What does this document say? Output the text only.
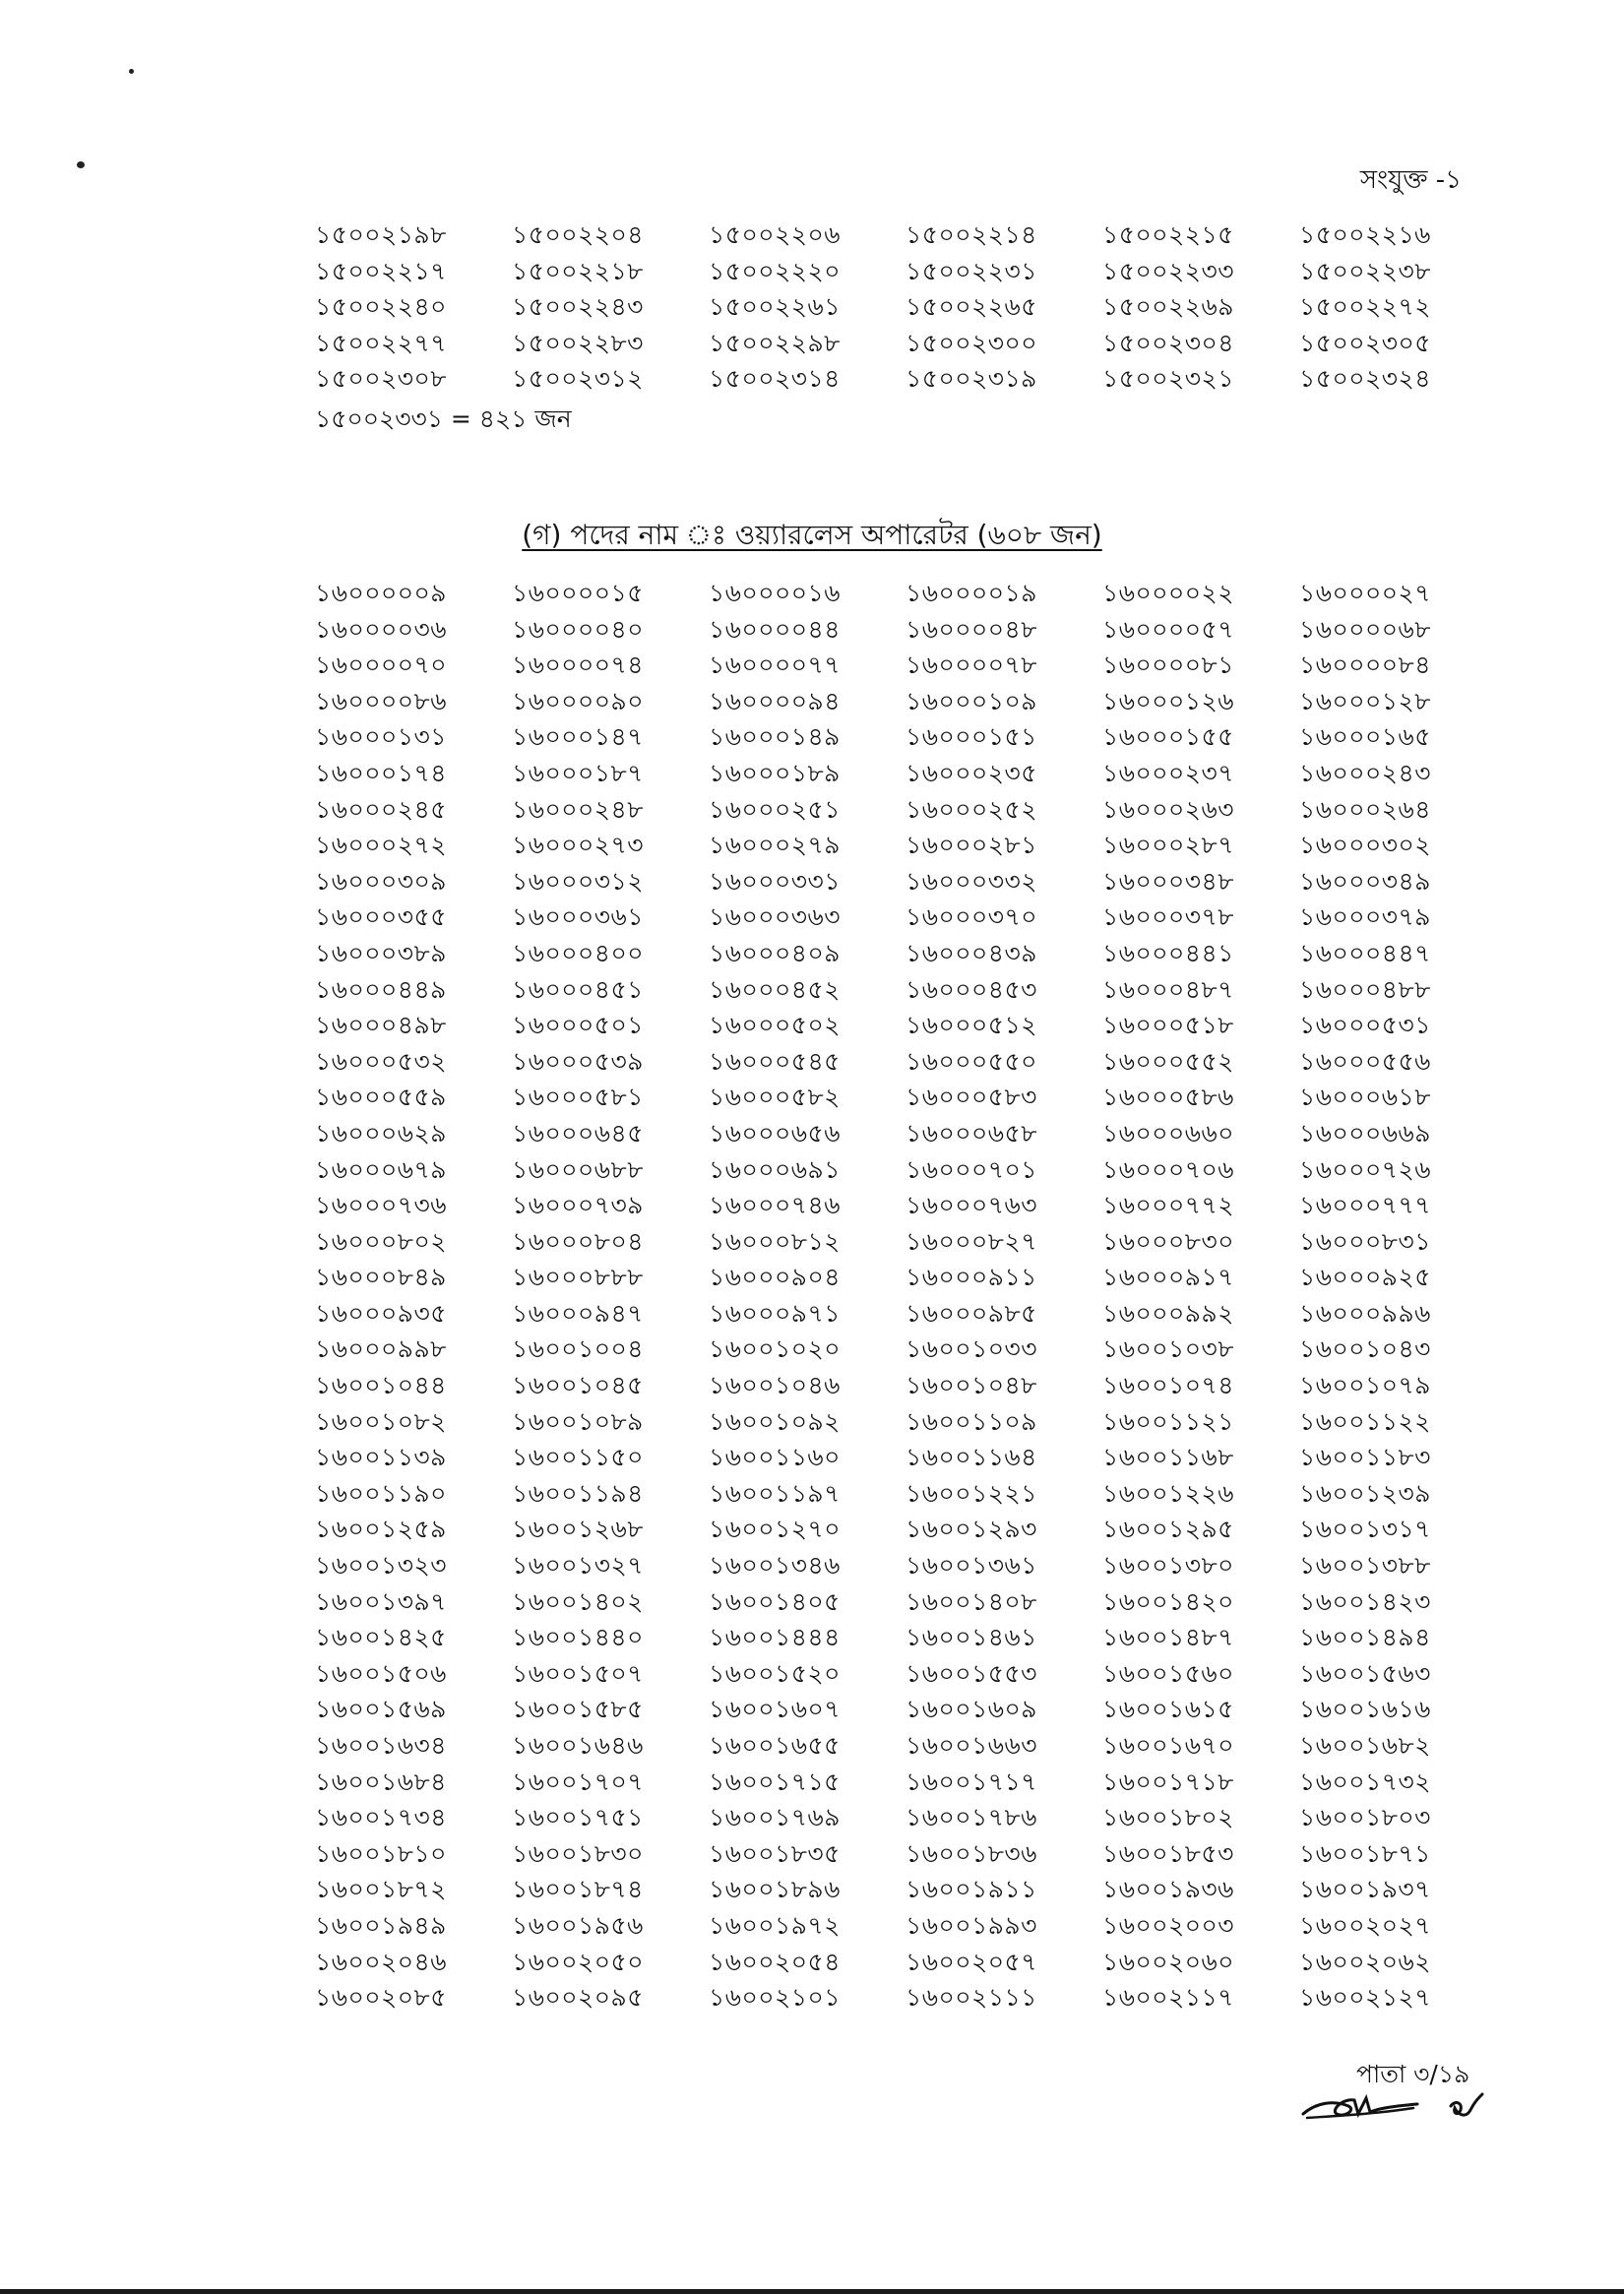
সংযুক্ত -১
১৫০০২১৯৮	১৫০০২২০৪	১৫০০২২০৬	১৫০০২২১৪	১৫০০২২১৫	১৫০০২২১৬
১৫০০২২১৭	১৫০০২২১৮	১৫০০২২২০	১৫০০২২৩১	১৫০০২২৩৩	১৫০০২২৩৮
১৫০০২২৪০	১৫০০২২৪৩	১৫০০২২৬১	১৫০০২২৬৫	১৫০০২২৬৯	১৫০০২২৭২
১৫০০২২৭৭	১৫০০২২৮৩	১৫০০২২৯৮	১৫০০২৩০০	১৫০০২৩০৪	১৫০০২৩০৫
১৫০০২৩০৮	১৫০০২৩১২	১৫০০২৩১৪	১৫০০২৩১৯	১৫০০২৩২১	১৫০০২৩২৪
১৫০০২৩৩১ = ৪২১ জন
(গ) পদের নাম ঃ ওয়্যারলেস অপারেটর (৬০৮ জন)
১৬০০০০০৯	১৬০০০০১৫	১৬০০০০১৬	১৬০০০০১৯	১৬০০০০২২	১৬০০০০২৭
১৬০০০০৩৬	১৬০০০০৪০	১৬০০০০৪৪	১৬০০০০৪৮	১৬০০০০৫৭	১৬০০০০৬৮
১৬০০০০৭০	১৬০০০০৭৪	১৬০০০০৭৭	১৬০০০০৭৮	১৬০০০০৮১	১৬০০০০৮৪
১৬০০০০৮৬	১৬০০০০৯০	১৬০০০০৯৪	১৬০০০১০৯	১৬০০০১২৬	১৬০০০১২৮
১৬০০০১৩১	১৬০০০১৪৭	১৬০০০১৪৯	১৬০০০১৫১	১৬০০০১৫৫	১৬০০০১৬৫
১৬০০০১৭৪	১৬০০০১৮৭	১৬০০০১৮৯	১৬০০০২৩৫	১৬০০০২৩৭	১৬০০০২৪৩
১৬০০০২৪৫	১৬০০০২৪৮	১৬০০০২৫১	১৬০০০২৫২	১৬০০০২৬৩	১৬০০০২৬৪
১৬০০০২৭২	১৬০০০২৭৩	১৬০০০২৭৯	১৬০০০২৮১	১৬০০০২৮৭	১৬০০০৩০২
১৬০০০৩০৯	১৬০০০৩১২	১৬০০০৩৩১	১৬০০০৩৩২	১৬০০০৩৪৮	১৬০০০৩৪৯
১৬০০০৩৫৫	১৬০০০৩৬১	১৬০০০৩৬৩	১৬০০০৩৭০	১৬০০০৩৭৮	১৬০০০৩৭৯
১৬০০০৩৮৯	১৬০০০৪০০	১৬০০০৪০৯	১৬০০০৪৩৯	১৬০০০৪৪১	১৬০০০৪৪৭
১৬০০০৪৪৯	১৬০০০৪৫১	১৬০০০৪৫২	১৬০০০৪৫৩	১৬০০০৪৮৭	১৬০০০৪৮৮
১৬০০০৪৯৮	১৬০০০৫০১	১৬০০০৫০২	১৬০০০৫১২	১৬০০০৫১৮	১৬০০০৫৩১
১৬০০০৫৩২	১৬০০০৫৩৯	১৬০০০৫৪৫	১৬০০০৫৫০	১৬০০০৫৫২	১৬০০০৫৫৬
১৬০০০৫৫৯	১৬০০০৫৮১	১৬০০০৫৮২	১৬০০০৫৮৩	১৬০০০৫৮৬	১৬০০০৬১৮
১৬০০০৬২৯	১৬০০০৬৪৫	১৬০০০৬৫৬	১৬০০০৬৫৮	১৬০০০৬৬০	১৬০০০৬৬৯
১৬০০০৬৭৯	১৬০০০৬৮৮	১৬০০০৬৯১	১৬০০০৭০১	১৬০০০৭০৬	১৬০০০৭২৬
১৬০০০৭৩৬	১৬০০০৭৩৯	১৬০০০৭৪৬	১৬০০০৭৬৩	১৬০০০৭৭২	১৬০০০৭৭৭
১৬০০০৮০২	১৬০০০৮০৪	১৬০০০৮১২	১৬০০০৮২৭	১৬০০০৮৩০	১৬০০০৮৩১
১৬০০০৮৪৯	১৬০০০৮৮৮	১৬০০০৯০৪	১৬০০০৯১১	১৬০০০৯১৭	১৬০০০৯২৫
১৬০০০৯৩৫	১৬০০০৯৪৭	১৬০০০৯৭১	১৬০০০৯৮৫	১৬০০০৯৯২	১৬০০০৯৯৬
১৬০০০৯৯৮	১৬০০১০০৪	১৬০০১০২০	১৬০০১০৩৩	১৬০০১০৩৮	১৬০০১০৪৩
১৬০০১০৪৪	১৬০০১০৪৫	১৬০০১০৪৬	১৬০০১০৪৮	১৬০০১০৭৪	১৬০০১০৭৯
১৬০০১০৮২	১৬০০১০৮৯	১৬০০১০৯২	১৬০০১১০৯	১৬০০১১২১	১৬০০১১২২
১৬০০১১৩৯	১৬০০১১৫০	১৬০০১১৬০	১৬০০১১৬৪	১৬০০১১৬৮	১৬০০১১৮৩
১৬০০১১৯০	১৬০০১১৯৪	১৬০০১১৯৭	১৬০০১২২১	১৬০০১২২৬	১৬০০১২৩৯
১৬০০১২৫৯	১৬০০১২৬৮	১৬০০১২৭০	১৬০০১২৯৩	১৬০০১২৯৫	১৬০০১৩১৭
১৬০০১৩২৩	১৬০০১৩২৭	১৬০০১৩৪৬	১৬০০১৩৬১	১৬০০১৩৮০	১৬০০১৩৮৮
১৬০০১৩৯৭	১৬০০১৪০২	১৬০০১৪০৫	১৬০০১৪০৮	১৬০০১৪২০	১৬০০১৪২৩
১৬০০১৪২৫	১৬০০১৪৪০	১৬০০১৪৪৪	১৬০০১৪৬১	১৬০০১৪৮৭	১৬০০১৪৯৪
১৬০০১৫০৬	১৬০০১৫০৭	১৬০০১৫২০	১৬০০১৫৫৩	১৬০০১৫৬০	১৬০০১৫৬৩
১৬০০১৫৬৯	১৬০০১৫৮৫	১৬০০১৬০৭	১৬০০১৬০৯	১৬০০১৬১৫	১৬০০১৬১৬
১৬০০১৬৩৪	১৬০০১৬৪৬	১৬০০১৬৫৫	১৬০০১৬৬৩	১৬০০১৬৭০	১৬০০১৬৮২
১৬০০১৬৮৪	১৬০০১৭০৭	১৬০০১৭১৫	১৬০০১৭১৭	১৬০০১৭১৮	১৬০০১৭৩২
১৬০০১৭৩৪	১৬০০১৭৫১	১৬০০১৭৬৯	১৬০০১৭৮৬	১৬০০১৮০২	১৬০০১৮০৩
১৬০০১৮১০	১৬০০১৮৩০	১৬০০১৮৩৫	১৬০০১৮৩৬	১৬০০১৮৫৩	১৬০০১৮৭১
১৬০০১৮৭২	১৬০০১৮৭৪	১৬০০১৮৯৬	১৬০০১৯১১	১৬০০১৯৩৬	১৬০০১৯৩৭
১৬০০১৯৪৯	১৬০০১৯৫৬	১৬০০১৯৭২	১৬০০১৯৯৩	১৬০০২০০৩	১৬০০২০২৭
১৬০০২০৪৬	১৬০০২০৫০	১৬০০২০৫৪	১৬০০২০৫৭	১৬০০২০৬০	১৬০০২০৬২
১৬০০২০৮৫	১৬০০২০৯৫	১৬০০২১০১	১৬০০২১১১	১৬০০২১১৭	১৬০০২১২৭
পাতা ৩/১৯
